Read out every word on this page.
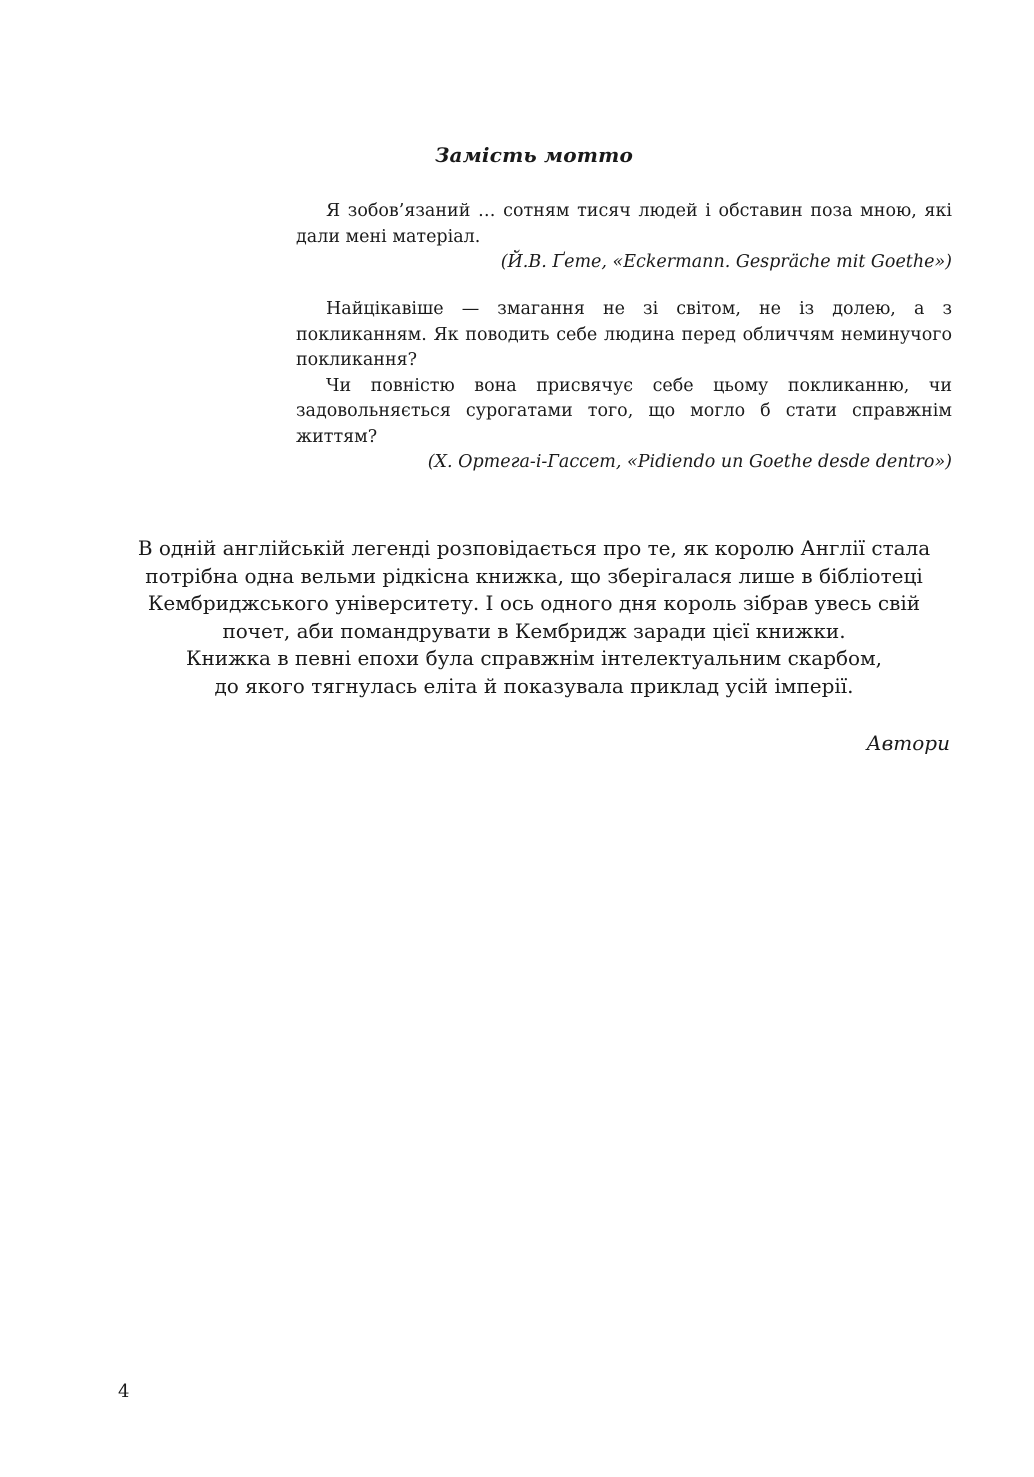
Замість мотто

Я зобов’язаний … сотням тисяч людей і обставин поза мною, які дали мені матеріал.

(Й.В. Ґете, «Eckermann. Gespräche mit Goethe»)

Найцікавіше — змагання не зі світом, не із долею, а з покликанням. Як поводить себе людина перед обличчям неминучого покликання?

Чи повністю вона присвячує себе цьому покликанню, чи задовольняється сурогатами того, що могло б стати справжнім життям?

(Х. Ортега-і-Гассет, «Pidiendo un Goethe desde dentro»)

В одній англійській легенді розповідається про те, як королю Англії стала
потрібна одна вельми рідкісна книжка, що зберігалася лише в бібліотеці
Кембриджського університету. І ось одного дня король зібрав увесь свій
почет, аби помандрувати в Кембридж заради цієї книжки.
Книжка в певні епохи була справжнім інтелектуальним скарбом,
до якого тягнулась еліта й показувала приклад усій імперії.
Автори
4
